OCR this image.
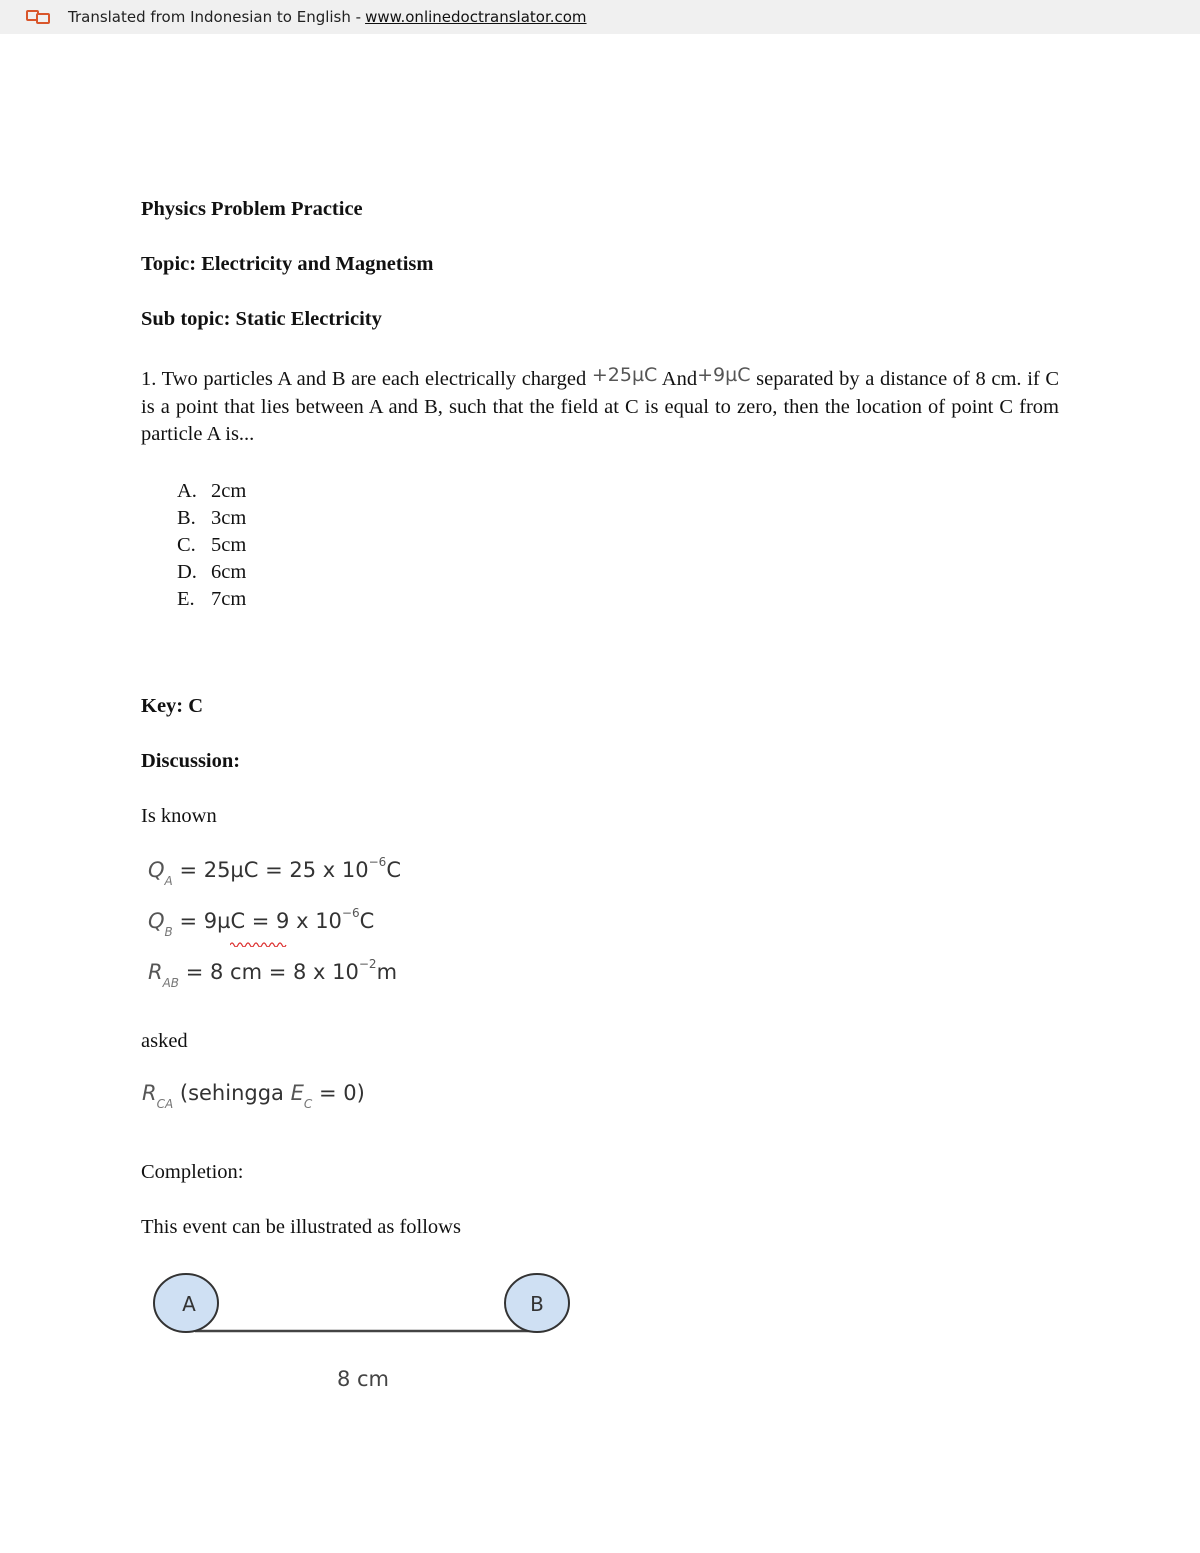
Translated from Indonesian to English - www.onlinedoctranslator.com
Physics Problem Practice
Topic: Electricity and Magnetism
Sub topic: Static Electricity
1. Two particles A and B are each electrically charged +25µC And+9µC separated by a distance of 8 cm. if C is a point that lies between A and B, such that the field at C is equal to zero, then the location of point C from particle A is...
A. 2cm
B. 3cm
C. 5cm
D. 6cm
E. 7cm
Key: C
Discussion:
Is known
$Q_A = 25\mu C = 25$ x $10^{-6}C$
$Q_B = 9\mu C = 9$ x $10^{-6}C$
$R_{AB} = 8$ cm = 8 x $10^{-2}m$
asked
$R_{CA}$ (sehingga $E_C = 0$)
Completion:
This event can be illustrated as follows
A	B
8 cm
